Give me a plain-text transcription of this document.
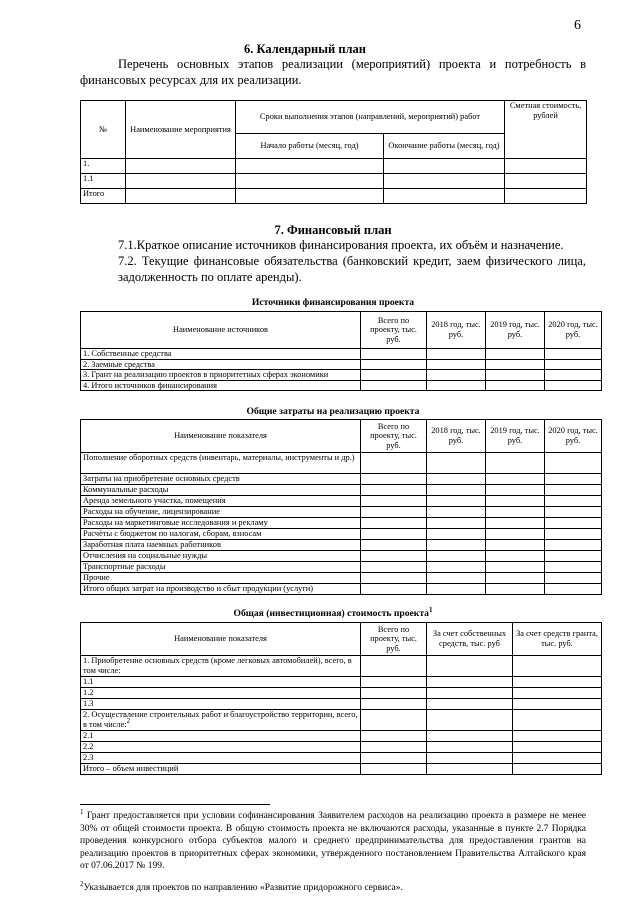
6
6. Календарный план
Перечень основных этапов реализации (мероприятий) проекта и потребность в финансовых ресурсах для их реализации.
№	Наименование мероприятия	Сроки выполнения этапов (направлений, мероприятий) работ		Сметная стоимость, рублей
		Начало работы (месяц, год)	Окончание работы (месяц, год)	
1.				
1.1				
Итого				
7. Финансовый план
7.1.Краткое описание источников финансирования проекта, их объём и назначение.
7.2. Текущие финансовые обязательства (банковский кредит, заем физического лица, задолженность по оплате аренды).
Источники финансирования проекта
Наименование источников	Всего по проекту, тыс. руб.	2018 год, тыс. руб.	2019 год, тыс. руб.	2020 год, тыс. руб.
1. Собственные средства				
2. Заемные средства				
3. Грант на реализацию проектов в приоритетных сферах экономики				
4. Итого источников финансирования				
Общие затраты на реализацию проекта
Наименование показателя	Всего по проекту, тыс. руб.	2018 год, тыс. руб.	2019 год, тыс. руб.	2020 год, тыс. руб.
Пополнение оборотных средств (инвентарь, материалы, инструменты и др.)				
Затраты на приобретение основных средств				
Коммунальные расходы				
Аренда земельного участка, помещения				
Расходы на обучение, лицензирование				
Расходы на маркетинговые исследования и рекламу				
Расчёты с бюджетом по налогам, сборам, взносам				
Заработная плата наемных работников				
Отчисления на социальные нужды				
Транспортные расходы				
Прочие				
Итого общих затрат на производство и сбыт продукции (услуги)				
Общая (инвестиционная) стоимость проекта$^1$
Наименование показателя	Всего по проекту, тыс. руб.	За счет собственных средств, тыс. руб	За счет средств гранта, тыс. руб.
1. Приобретение основных средств (кроме легковых автомобилей), всего, в том числе:			
1.1			
1.2			
1.3			
2. Осуществление строительных работ и благоустройство территории, всего, в том числе:$^2$			
2.1			
2.2			
2.3			
Итого – объем инвестиций			
$^1$ Грант предоставляется при условии софинансирования Заявителем расходов на реализацию проекта в размере не менее 30% от общей стоимости проекта. В общую стоимость проекта не включаются расходы, указанные в пункте 2.7 Порядка проведения конкурсного отбора субъектов малого и среднего предпринимательства для предоставления грантов на реализацию проектов в приоритетных сферах экономики, утвержденного постановлением Правительства Алтайского края от 07.06.2017 № 199.
$^2$Указывается для проектов по направлению «Развитие придорожного сервиса».
